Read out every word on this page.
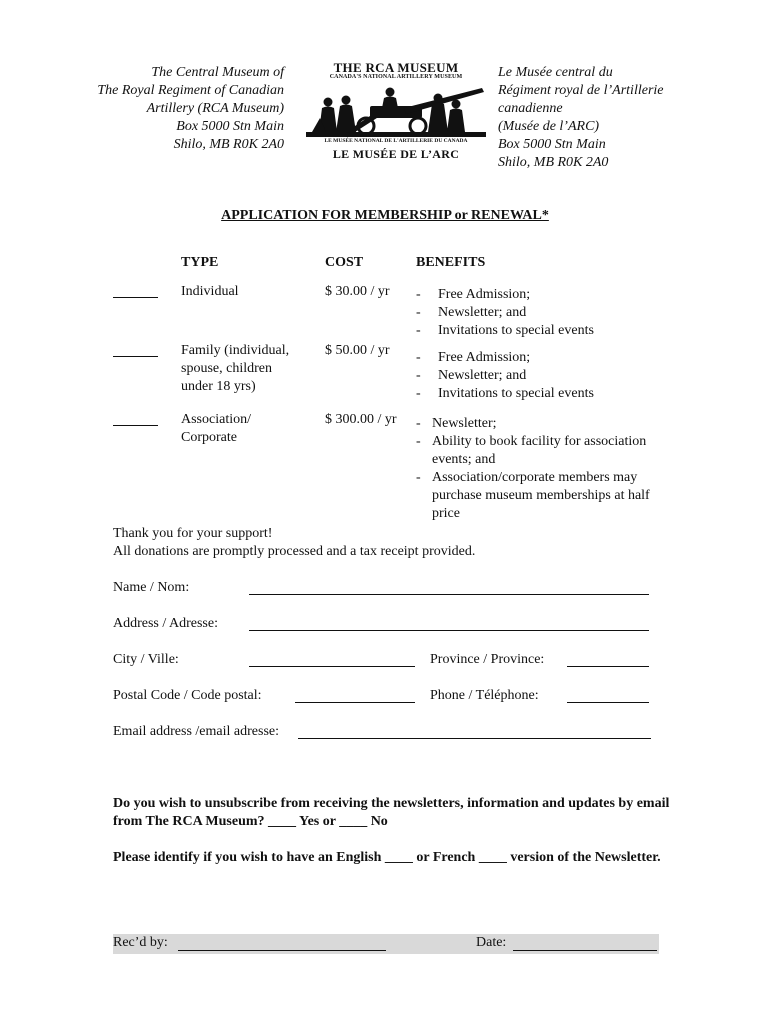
The Central Museum of
The Royal Regiment of Canadian
Artillery (RCA Museum)
Box 5000 Stn Main
Shilo, MB R0K 2A0
THE RCA MUSEUM
CANADA'S NATIONAL ARTILLERY MUSEUM
LE MUSÉE NATIONAL DE L'ARTILLERIE DU CANADA
LE MUSÉE DE L’ARC
Le Musée central du
Régiment royal de l’Artillerie
canadienne
(Musée de l’ARC)
Box 5000 Stn Main
Shilo, MB R0K 2A0
APPLICATION FOR MEMBERSHIP or RENEWAL*
TYPE	COST	BENEFITS
Individual	$ 30.00 / yr - Free Admission;
- Newsletter; and
- Invitations to special events
Family (individual,
spouse, children
under 18 yrs)
$ 50.00 / yr - Free Admission;
- Newsletter; and
- Invitations to special events
Association/
Corporate
$ 300.00 / yr - Newsletter;
- Ability to book facility for association
events; and
- Association/corporate members may
purchase museum memberships at half
price
Thank you for your support!
All donations are promptly processed and a tax receipt provided.
Name / Nom:
Address / Adresse:
City / Ville:	Province / Province:
Postal Code / Code postal:	Phone / Téléphone:
Email address /email adresse:
Do you wish to unsubscribe from receiving the newsletters, information and updates by email from The RCA Museum? ____ Yes or ____ No
Please identify if you wish to have an English ____ or French ____ version of the Newsletter.
Rec’d by:	Date:
